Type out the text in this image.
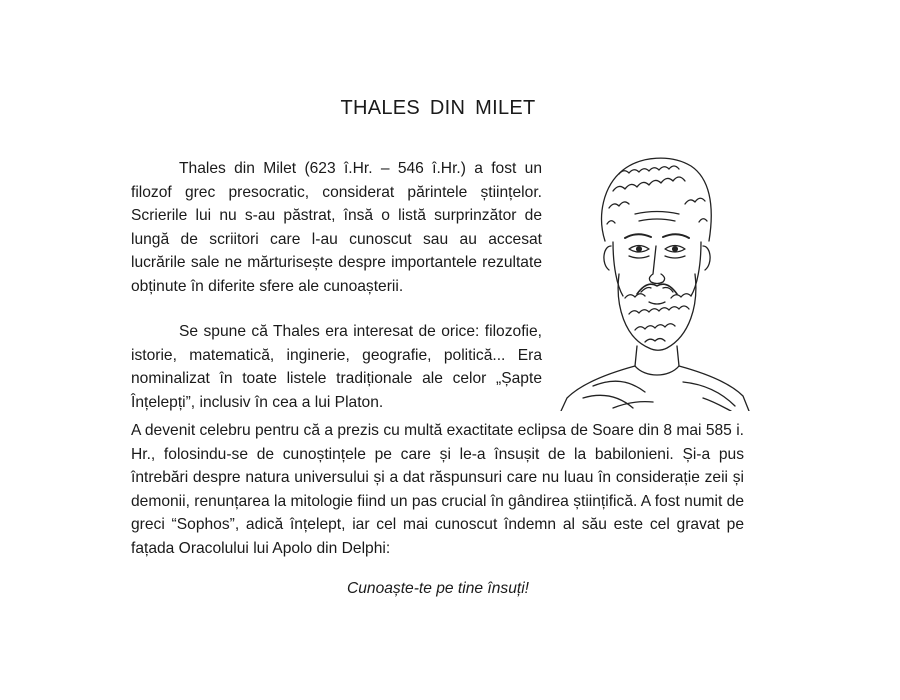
THALES DIN MILET

Thales din Milet (623 î.Hr. – 546 î.Hr.) a fost un filozof grec presocratic, considerat părintele științelor. Scrierile lui nu s-au păstrat, însă o listă surprinzător de lungă de scriitori care l-au cunoscut sau au accesat lucrările sale ne mărturisește despre importantele rezultate obținute în diferite sfere ale cunoașterii.

Se spune că Thales era interesat de orice: filozofie, istorie, matematică, inginerie, geografie, politică... Era nominalizat în toate listele tradiționale ale celor „Șapte Înțelepți”, inclusiv în cea a lui Platon.

A devenit celebru pentru că a prezis cu multă exactitate eclipsa de Soare din 8 mai 585 i. Hr., folosindu-se de cunoștințele pe care și le-a însușit de la babilonieni. Și-a pus întrebări despre natura universului și a dat răspunsuri care nu luau în considerație zeii și demonii, renunțarea la mitologie fiind un pas crucial în gândirea științifică. A fost numit de greci “Sophos”, adică înțelept, iar cel mai cunoscut îndemn al său este cel gravat pe fațada Oracolului lui Apolo din Delphi:

Cunoaște-te pe tine însuți!
